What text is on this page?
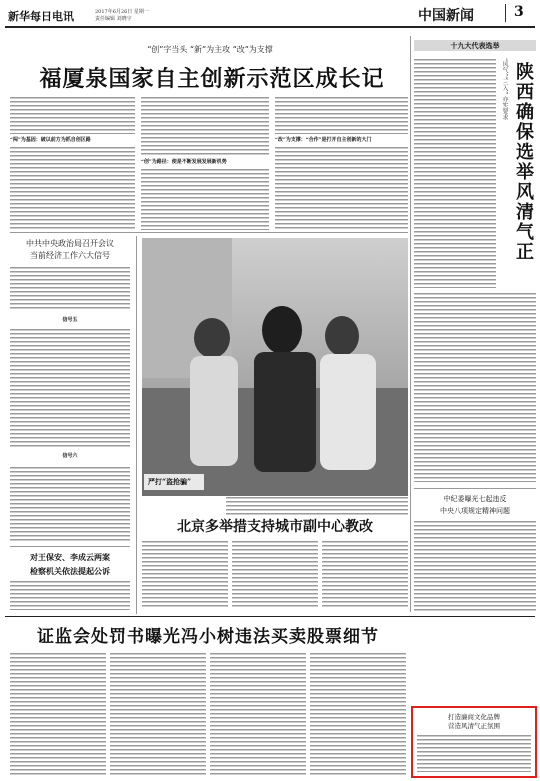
新华每日电讯	2017年6月26日 星期一
责任编辑 刘晓宇	中国新闻	3
十九大代表选举
陕西确保选举风清气正
“风气”“三入” 亦实要求
“创”字当头 “新”为主攻 “改”为支撑
福厦泉国家自主创新示范区成长记
“闯”为基因：破以前方为抓自创区路
“创”为路径：使是不断发展发展新机势
“改”为支撑：“合作”是打开自主创新的大门
中共中央政治局召开会议
当前经济工作六大信号
信号五
信号六
对王保安、李成云两案
检察机关依法提起公诉
严打“盗抢骗”
北京多举措支持城市副中心教改
中纪委曝光七起违反
中央八项规定精神问题
证监会处罚书曝光冯小树违法买卖股票细节
打造廉商文化品牌
营造风清气正氛围
